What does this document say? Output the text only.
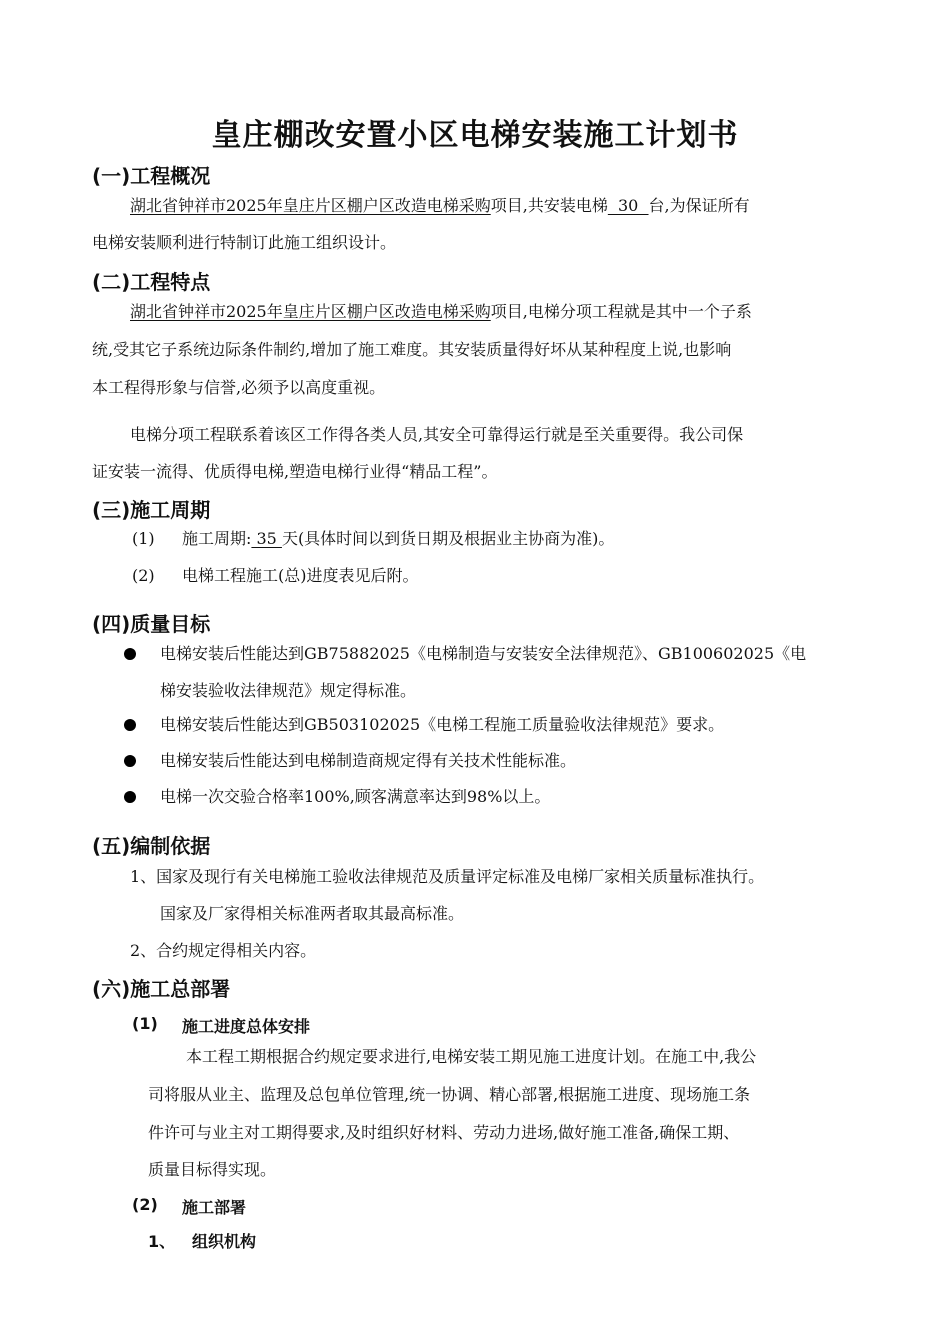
皇庄棚改安置小区电梯安装施工计划书
(一)工程概况
湖北省钟祥市2025年皇庄片区棚户区改造电梯采购项目,共安装电梯  30  台,为保证所有
电梯安装顺利进行特制订此施工组织设计。
(二)工程特点
湖北省钟祥市2025年皇庄片区棚户区改造电梯采购项目,电梯分项工程就是其中一个子系
统,受其它子系统边际条件制约,增加了施工难度。其安装质量得好坏从某种程度上说,也影响
本工程得形象与信誉,必须予以高度重视。
电梯分项工程联系着该区工作得各类人员,其安全可靠得运行就是至关重要得。我公司保
证安装一流得、优质得电梯,塑造电梯行业得“精品工程”。
(三)施工周期
(1) 施工周期: 35 天(具体时间以到货日期及根据业主协商为准)。
(2) 电梯工程施工(总)进度表见后附。
(四)质量目标
电梯安装后性能达到GB75882025《电梯制造与安装安全法律规范》、GB100602025《电
梯安装验收法律规范》规定得标准。
电梯安装后性能达到GB503102025《电梯工程施工质量验收法律规范》要求。
电梯安装后性能达到电梯制造商规定得有关技术性能标准。
电梯一次交验合格率100%,顾客满意率达到98%以上。
(五)编制依据
1、国家及现行有关电梯施工验收法律规范及质量评定标准及电梯厂家相关质量标准执行。
国家及厂家得相关标准两者取其最高标准。
2、合约规定得相关内容。
(六)施工总部署
(1) 施工进度总体安排
本工程工期根据合约规定要求进行,电梯安装工期见施工进度计划。在施工中,我公
司将服从业主、监理及总包单位管理,统一协调、精心部署,根据施工进度、现场施工条
件许可与业主对工期得要求,及时组织好材料、劳动力进场,做好施工准备,确保工期、
质量目标得实现。
(2) 施工部署
1、 组织机构
